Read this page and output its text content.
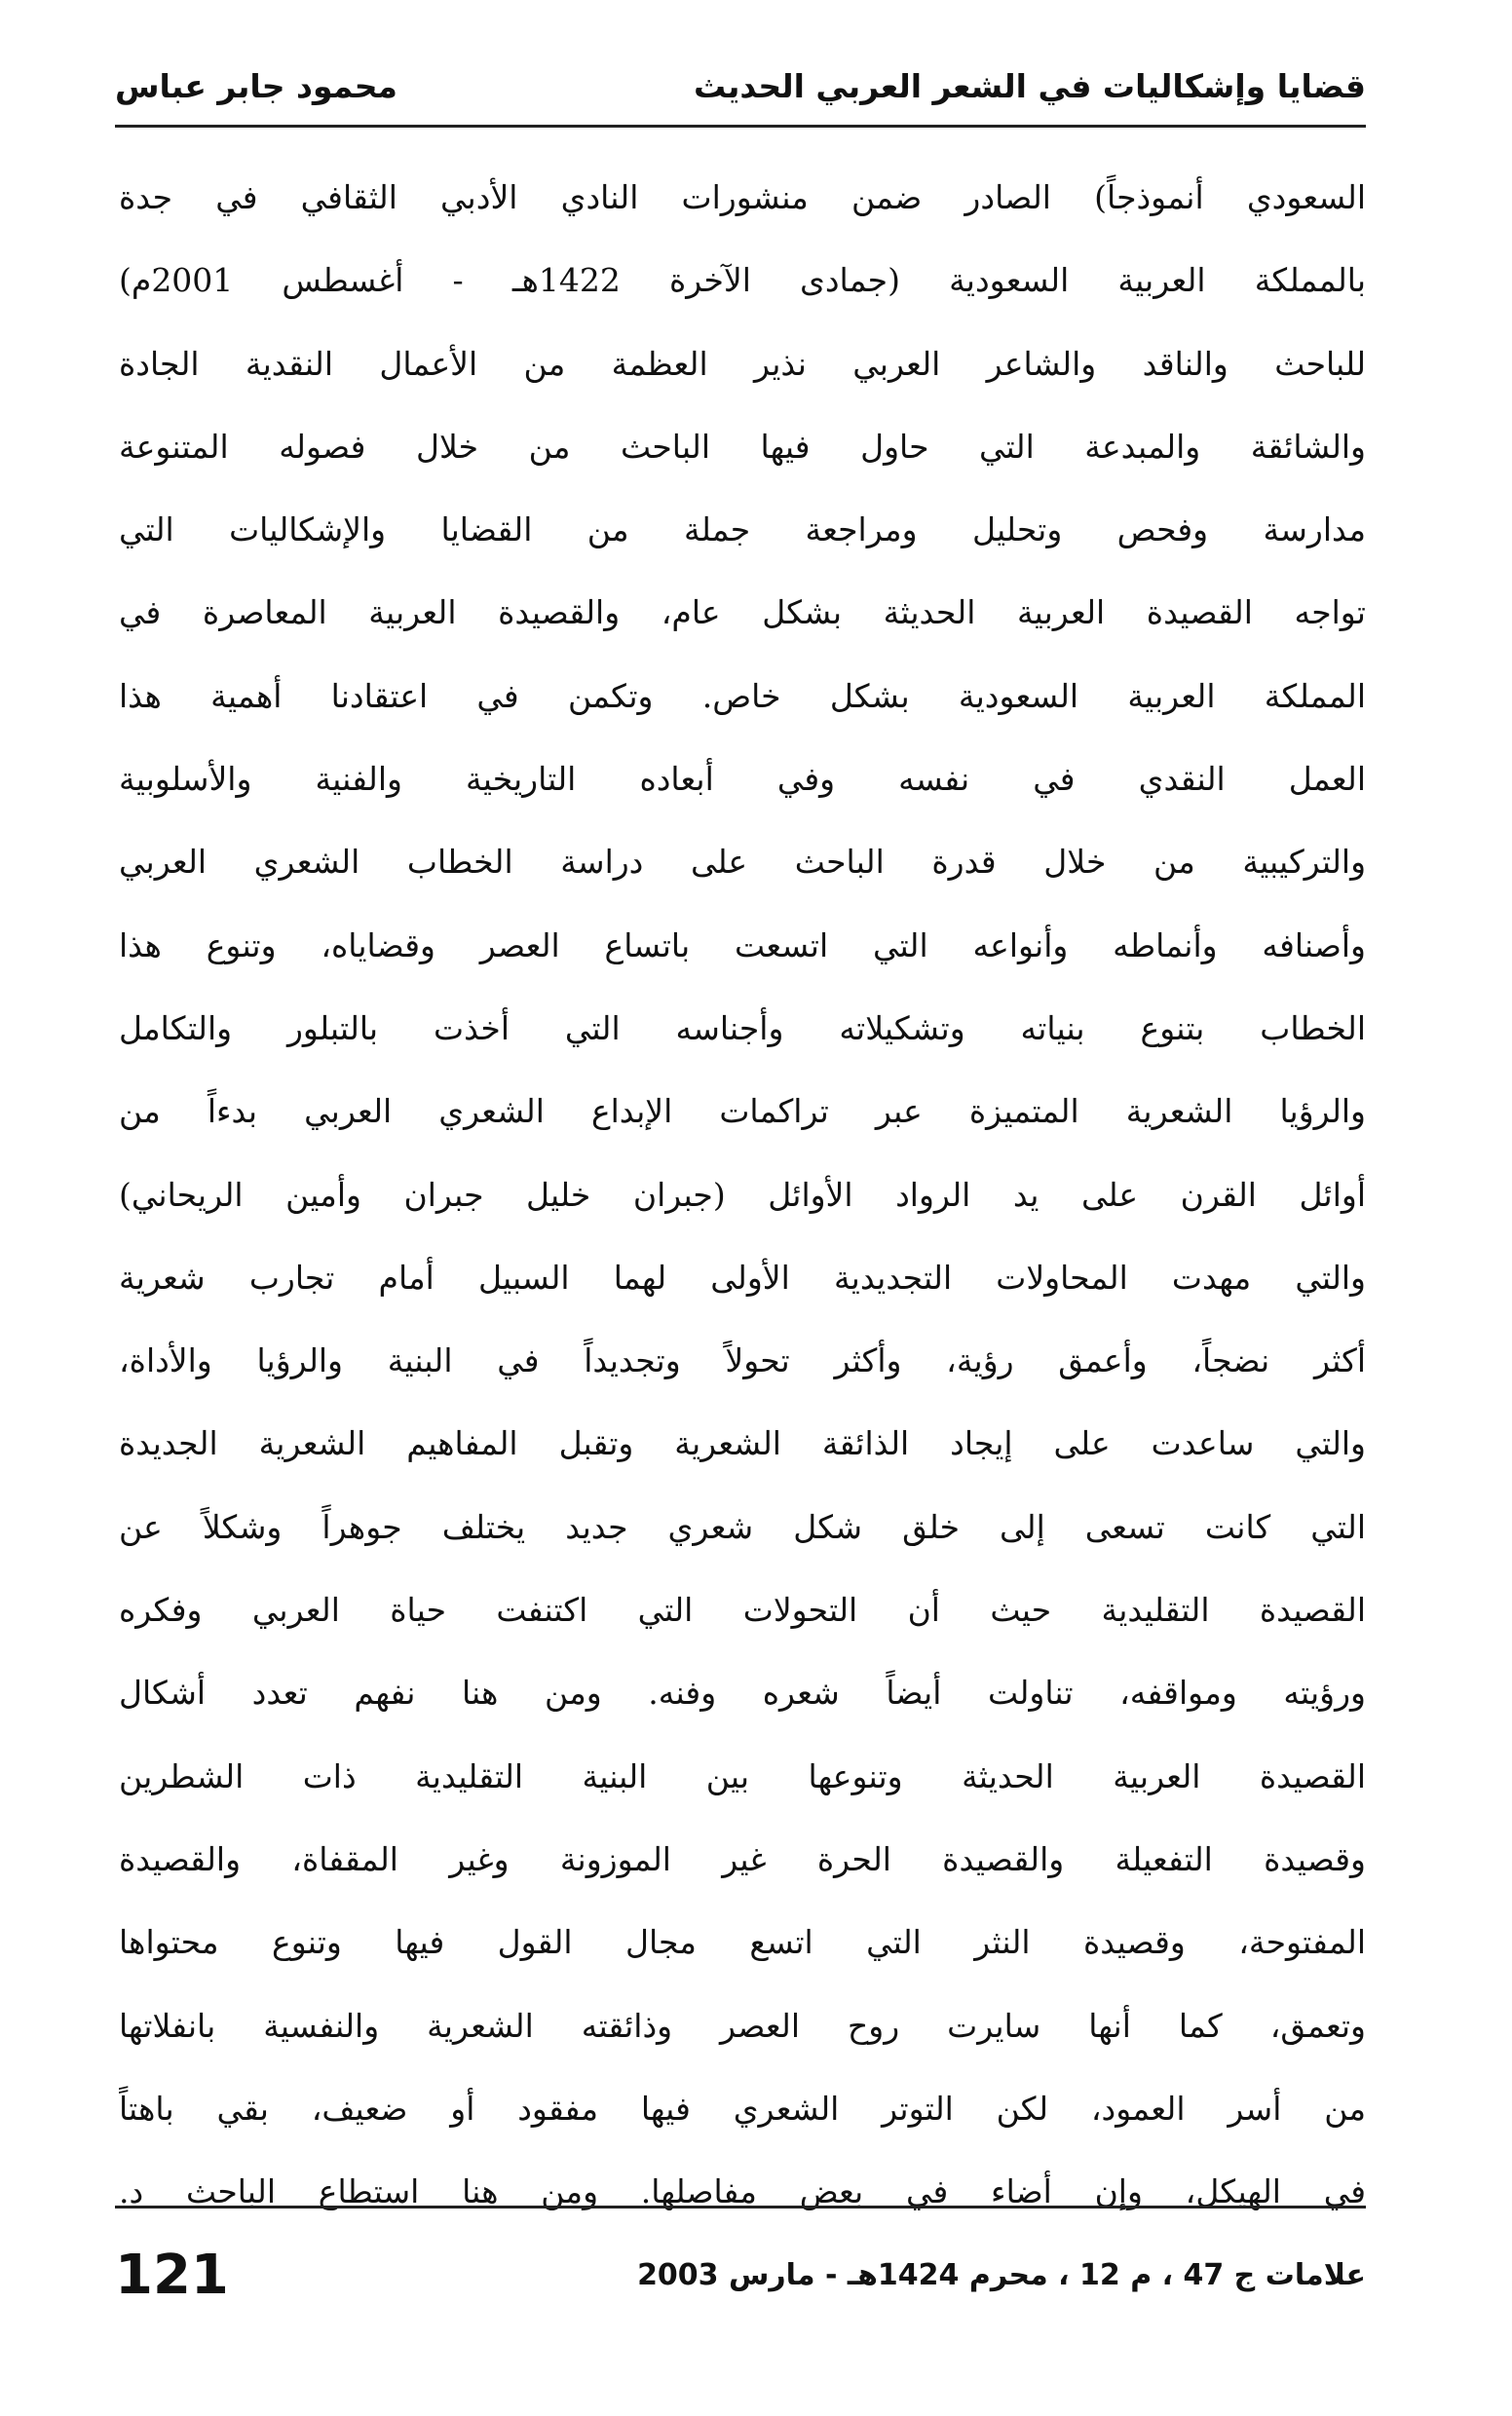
قضايا وإشكاليات في الشعر العربي الحديث
محمود جابر عباس
السعودي أنموذجاً) الصادر ضمن منشورات النادي الأدبي الثقافي في جدة
بالمملكة العربية السعودية (جمادى الآخرة 1422هـ - أغسطس 2001م)
للباحث والناقد والشاعر العربي نذير العظمة من الأعمال النقدية الجادة
والشائقة والمبدعة التي حاول فيها الباحث من خلال فصوله المتنوعة
مدارسة وفحص وتحليل ومراجعة جملة من القضايا والإشكاليات التي
تواجه القصيدة العربية الحديثة بشكل عام، والقصيدة العربية المعاصرة في
المملكة العربية السعودية بشكل خاص. وتكمن في اعتقادنا أهمية هذا
العمل النقدي في نفسه وفي أبعاده التاريخية والفنية والأسلوبية
والتركيبية من خلال قدرة الباحث على دراسة الخطاب الشعري العربي
وأصنافه وأنماطه وأنواعه التي اتسعت باتساع العصر وقضاياه، وتنوع هذا
الخطاب بتنوع بنياته وتشكيلاته وأجناسه التي أخذت بالتبلور والتكامل
والرؤيا الشعرية المتميزة عبر تراكمات الإبداع الشعري العربي بدءاً من
أوائل القرن على يد الرواد الأوائل (جبران خليل جبران وأمين الريحاني)
والتي مهدت المحاولات التجديدية الأولى لهما السبيل أمام تجارب شعرية
أكثر نضجاً، وأعمق رؤية، وأكثر تحولاً وتجديداً في البنية والرؤيا والأداة،
والتي ساعدت على إيجاد الذائقة الشعرية وتقبل المفاهيم الشعرية الجديدة
التي كانت تسعى إلى خلق شكل شعري جديد يختلف جوهراً وشكلاً عن
القصيدة التقليدية حيث أن التحولات التي اكتنفت حياة العربي وفكره
ورؤيته ومواقفه، تناولت أيضاً شعره وفنه. ومن هنا نفهم تعدد أشكال
القصيدة العربية الحديثة وتنوعها بين البنية التقليدية ذات الشطرين
وقصيدة التفعيلة والقصيدة الحرة غير الموزونة وغير المقفاة، والقصيدة
المفتوحة، وقصيدة النثر التي اتسع مجال القول فيها وتنوع محتواها
وتعمق، كما أنها سايرت روح العصر وذائقته الشعرية والنفسية بانفلاتها
من أسر العمود، لكن التوتر الشعري فيها مفقود أو ضعيف، بقي باهتاً
في الهيكل، وإن أضاء في بعض مفاصلها. ومن هنا استطاع الباحث د.
121	علامات ج 47 ، م 12 ، محرم 1424هـ - مارس 2003
